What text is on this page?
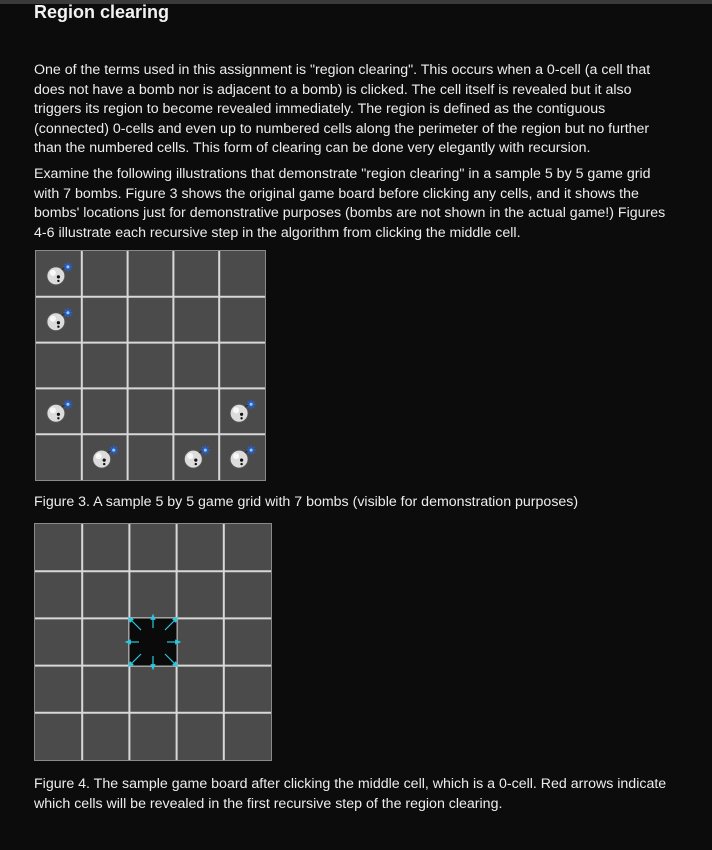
Region clearing

One of the terms used in this assignment is "region clearing". This occurs when a 0-cell (a cell that does not have a bomb nor is adjacent to a bomb) is clicked. The cell itself is revealed but it also triggers its region to become revealed immediately. The region is defined as the contiguous (connected) 0-cells and even up to numbered cells along the perimeter of the region but no further than the numbered cells. This form of clearing can be done very elegantly with recursion.

Examine the following illustrations that demonstrate "region clearing" in a sample 5 by 5 game grid with 7 bombs. Figure 3 shows the original game board before clicking any cells, and it shows the bombs' locations just for demonstrative purposes (bombs are not shown in the actual game!) Figures 4-6 illustrate each recursive step in the algorithm from clicking the middle cell.

Figure 3. A sample 5 by 5 game grid with 7 bombs (visible for demonstration purposes)

Figure 4. The sample game board after clicking the middle cell, which is a 0-cell. Red arrows indicate which cells will be revealed in the first recursive step of the region clearing.
